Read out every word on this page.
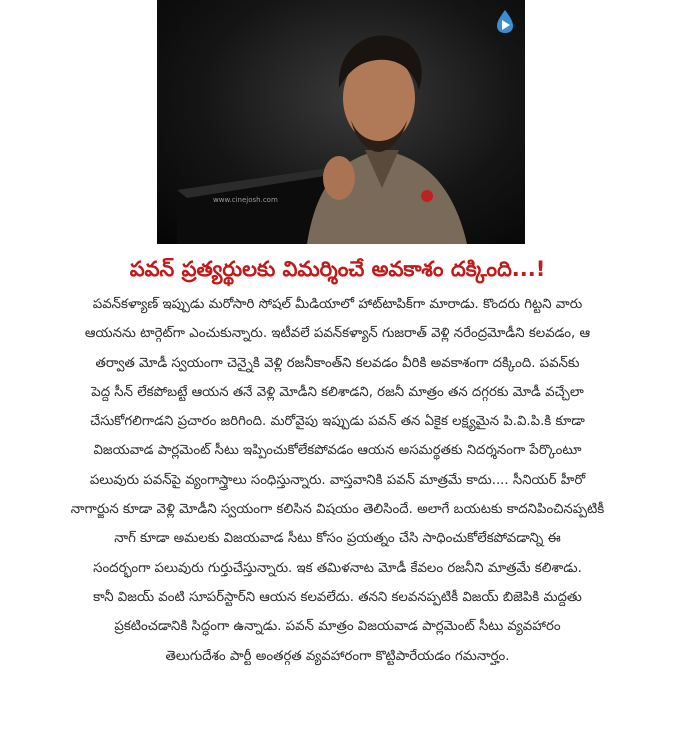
www.cinejosh.com
పవన్ ప్రత్యర్థులకు విమర్శించే అవకాశం దక్కింది...!
పవన్‌కళ్యాణ్ ఇప్పుడు మరోసారి సోషల్ మీడియాలో హాట్‌టాపిక్‌గా మారాడు. కొందరు గిట్టని వారు
ఆయనను టార్గెట్‌గా ఎంచుకున్నారు. ఇటీవలే పవన్‌కళ్యాన్ గుజరాత్ వెళ్లి నరేంద్రమోడీని కలవడం, ఆ
తర్వాత మోడీ స్వయంగా చెన్నైకి వెళ్లి రజనీకాంత్‌ని కలవడం వీరికి అవకాశంగా దక్కింది. పవన్‌కు
పెద్ద సీన్ లేకపోబట్టే ఆయన తనే వెళ్లి మోడీని కలిశాడని, రజనీ మాత్రం తన దగ్గరకు మోడీ వచ్చేలా
చేసుకోగలిగాడని ప్రచారం జరిగింది. మరోవైపు ఇప్పుడు పవన్ తన ఏకైక లక్ష్యమైన పి.వి.పి.కి కూడా
విజయవాడ పార్లమెంట్ సీటు ఇప్పించుకోలేకపోవడం ఆయన అసమర్థతకు నిదర్శనంగా పేర్కొంటూ
పలువురు పవన్‌పై వ్యంగాస్త్రాలు సంధిస్తున్నారు. వాస్తవానికి పవన్ మాత్రమే కాదు.... సీనియర్ హీరో
నాగార్జున కూడా వెళ్లి మోడీని స్వయంగా కలిసిన విషయం తెలిసిందే. అలాగే బయటకు కాదనిపించినప్పటికీ
నాగ్ కూడా అమలకు విజయవాడ సీటు కోసం ప్రయత్నం చేసి సాధించుకోలేకపోవడాన్ని ఈ
సందర్భంగా పలువురు గుర్తుచేస్తున్నారు. ఇక తమిళనాట మోడీ కేవలం రజనీని మాత్రమే కలిశాడు.
కానీ విజయ్ వంటి సూపర్‌స్టార్‌ని ఆయన కలవలేదు. తనని కలవనప్పటికీ విజయ్ బిజెపికి మద్దతు
ప్రకటించడానికి సిద్ధంగా ఉన్నాడు. పవన్ మాత్రం విజయవాడ పార్లమెంట్ సీటు వ్యవహారం
తెలుగుదేశం పార్టీ అంతర్గత వ్యవహారంగా కొట్టిపారేయడం గమనార్హం.
